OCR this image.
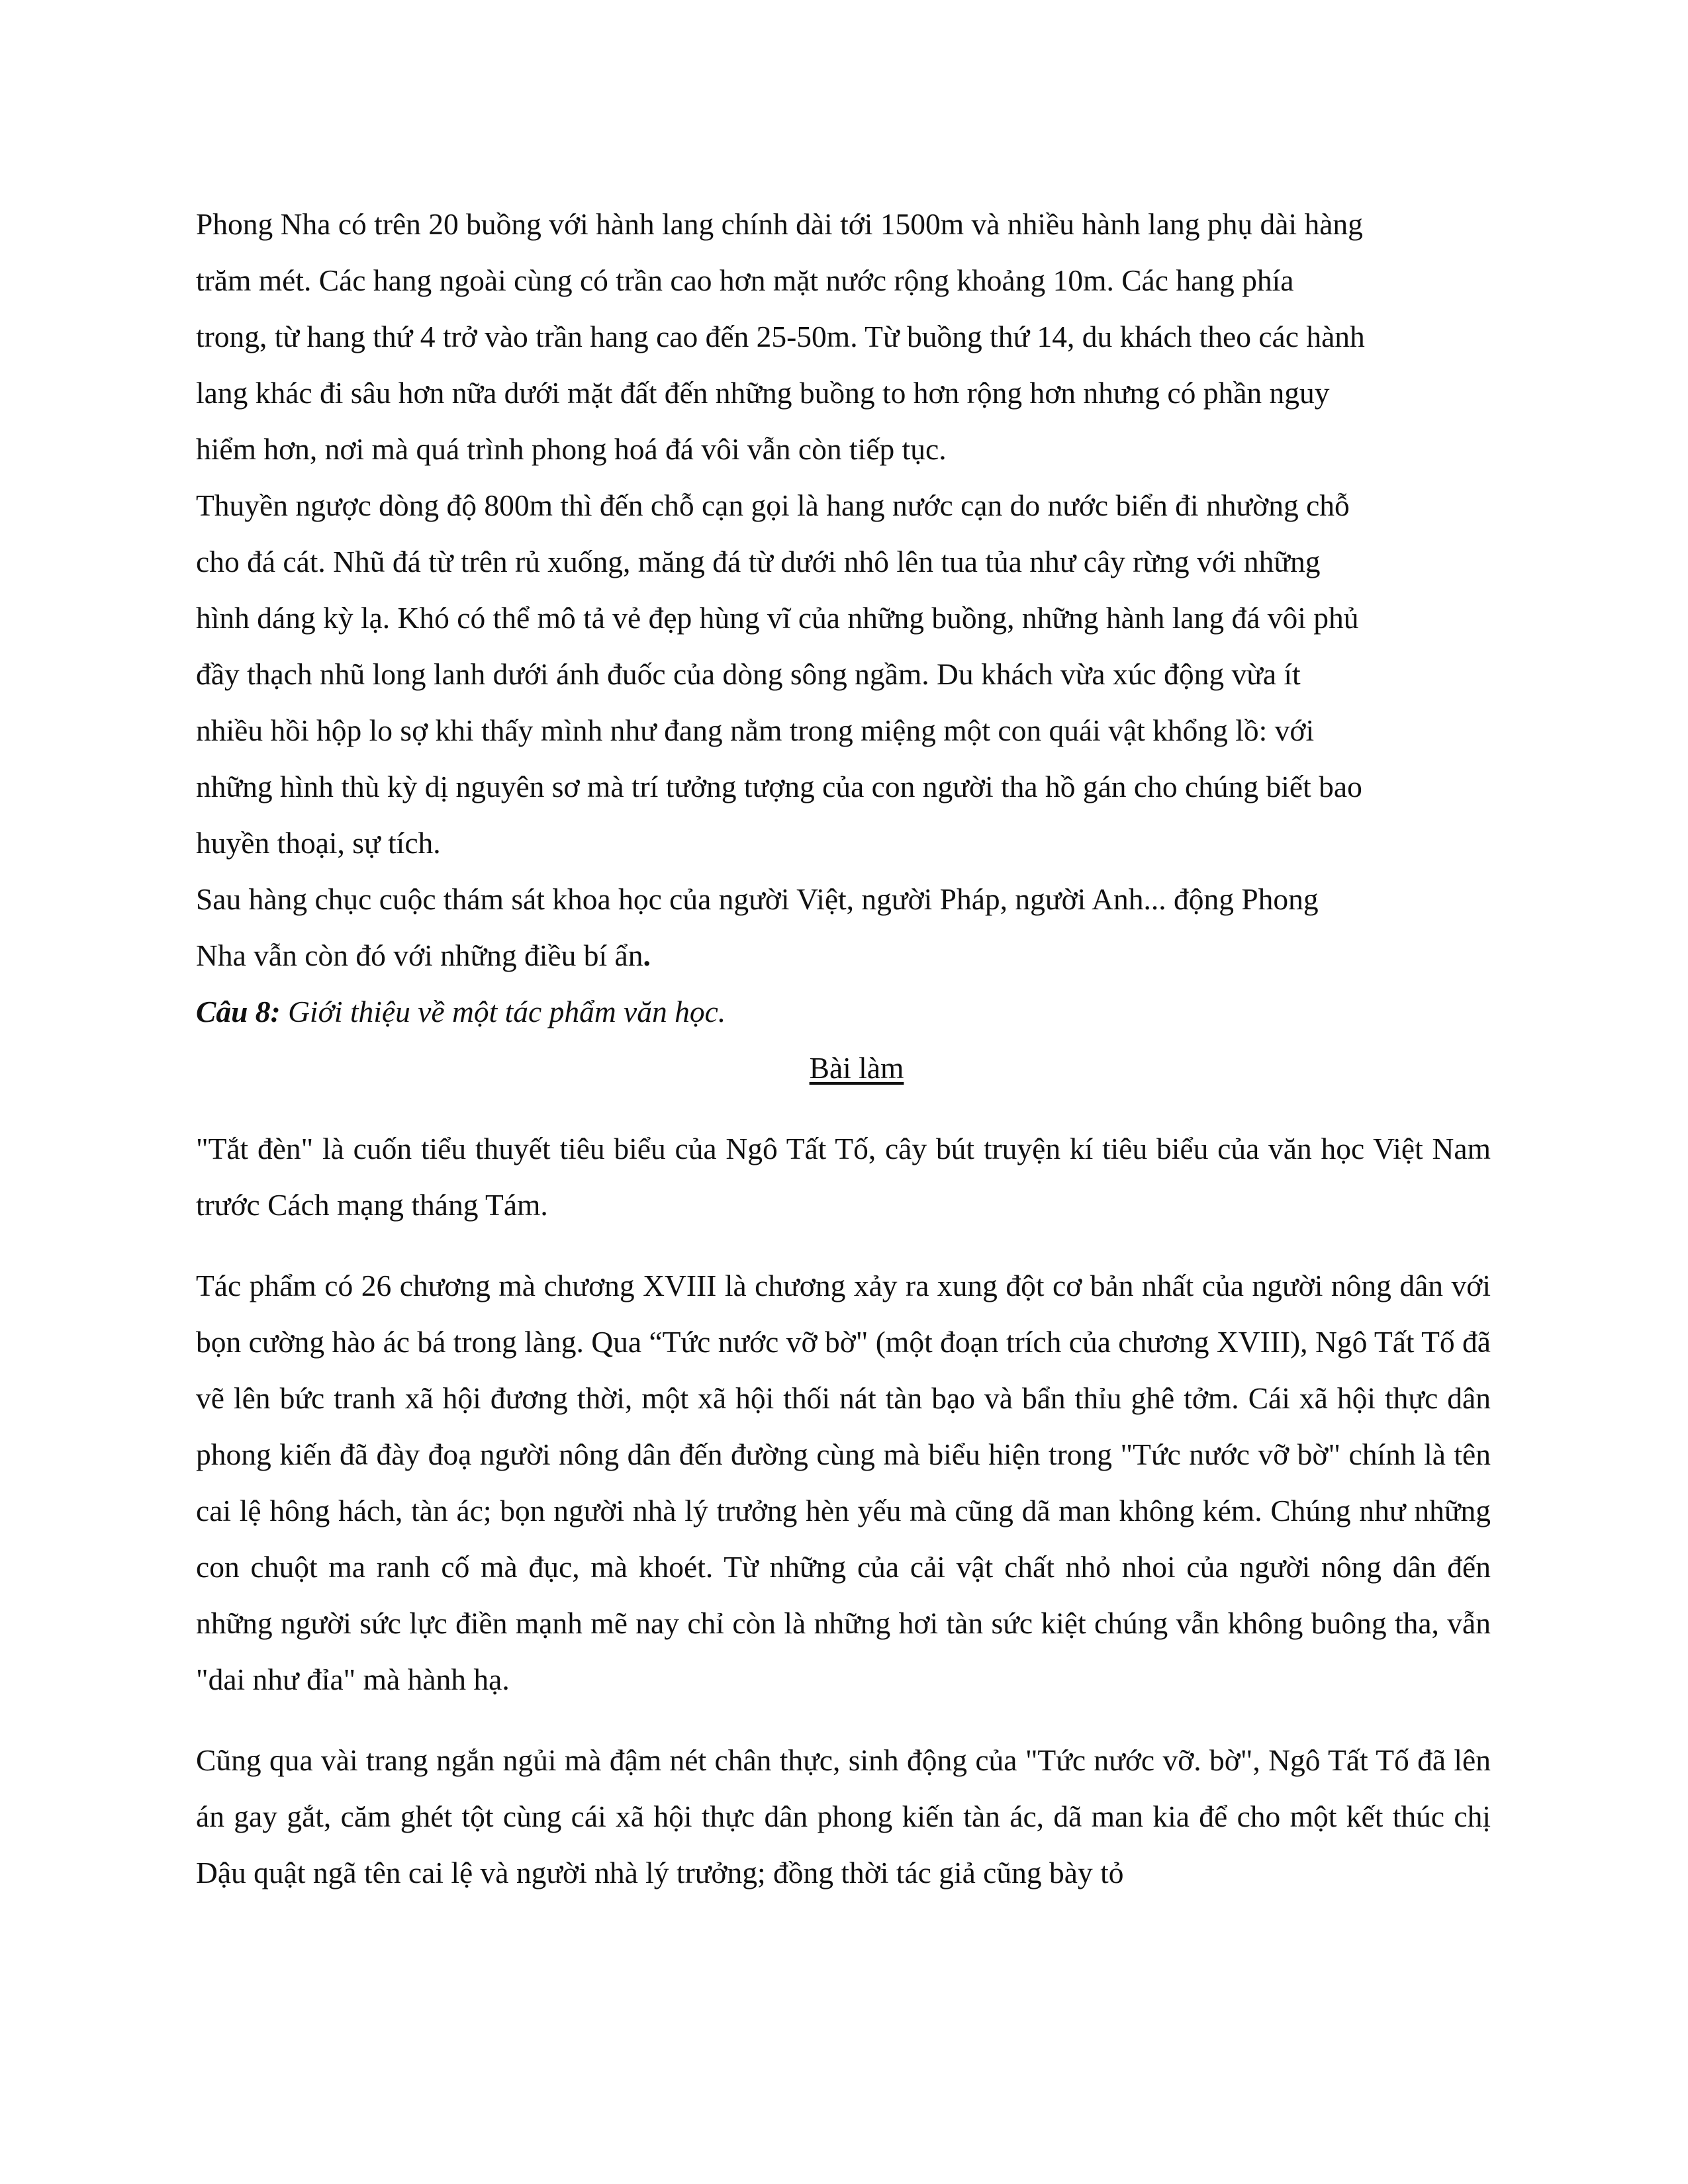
Phong Nha có trên 20 buồng với hành lang chính dài tới 1500m và nhiều hành lang phụ dài hàng
trăm mét. Các hang ngoài cùng có trần cao hơn mặt nước rộng khoảng 10m. Các hang phía
trong, từ hang thứ 4 trở vào trần hang cao đến 25-50m. Từ buồng thứ 14, du khách theo các hành
lang khác đi sâu hơn nữa dưới mặt đất đến những buồng to hơn rộng hơn nhưng có phần nguy
hiểm hơn, nơi mà quá trình phong hoá đá vôi vẫn còn tiếp tục.

Thuyền ngược dòng độ 800m thì đến chỗ cạn gọi là hang nước cạn do nước biển đi nhường chỗ
cho đá cát. Nhũ đá từ trên rủ xuống, măng đá từ dưới nhô lên tua tủa như cây rừng với những
hình dáng kỳ lạ. Khó có thể mô tả vẻ đẹp hùng vĩ của những buồng, những hành lang đá vôi phủ
đầy thạch nhũ long lanh dưới ánh đuốc của dòng sông ngầm. Du khách vừa xúc động vừa ít
nhiều hồi hộp lo sợ khi thấy mình như đang nằm trong miệng một con quái vật khổng lồ: với
những hình thù kỳ dị nguyên sơ mà trí tưởng tượng của con người tha hồ gán cho chúng biết bao
huyền thoại, sự tích.

Sau hàng chục cuộc thám sát khoa học của người Việt, người Pháp, người Anh... động Phong
Nha vẫn còn đó với những điều bí ẩn.

Câu 8: Giới thiệu về một tác phẩm văn học.

Bài làm

"Tắt đèn" là cuốn tiểu thuyết tiêu biểu của Ngô Tất Tố, cây bút truyện kí tiêu biểu của văn học Việt Nam trước Cách mạng tháng Tám.

Tác phẩm có 26 chương mà chương XVIII là chương xảy ra xung đột cơ bản nhất của người nông dân với bọn cường hào ác bá trong làng. Qua “Tức nước vỡ bờ" (một đoạn trích của chương XVIII), Ngô Tất Tố đã vẽ lên bức tranh xã hội đương thời, một xã hội thối nát tàn bạo và bẩn thỉu ghê tởm. Cái xã hội thực dân phong kiến đã đày đoạ người nông dân đến đường cùng mà biểu hiện trong "Tức nước vỡ bờ" chính là tên cai lệ hông hách, tàn ác; bọn người nhà lý trưởng hèn yếu mà cũng dã man không kém. Chúng như những con chuột ma ranh cố mà đục, mà khoét. Từ những của cải vật chất nhỏ nhoi của người nông dân đến những người sức lực điền mạnh mẽ nay chỉ còn là những hơi tàn sức kiệt chúng vẫn không buông tha, vẫn "dai như đỉa" mà hành hạ.

Cũng qua vài trang ngắn ngủi mà đậm nét chân thực, sinh động của "Tức nước vỡ. bờ", Ngô Tất Tố đã lên án gay gắt, căm ghét tột cùng cái xã hội thực dân phong kiến tàn ác, dã man kia để cho một kết thúc chị Dậu quật ngã tên cai lệ và người nhà lý trưởng; đồng thời tác giả cũng bày tỏ
